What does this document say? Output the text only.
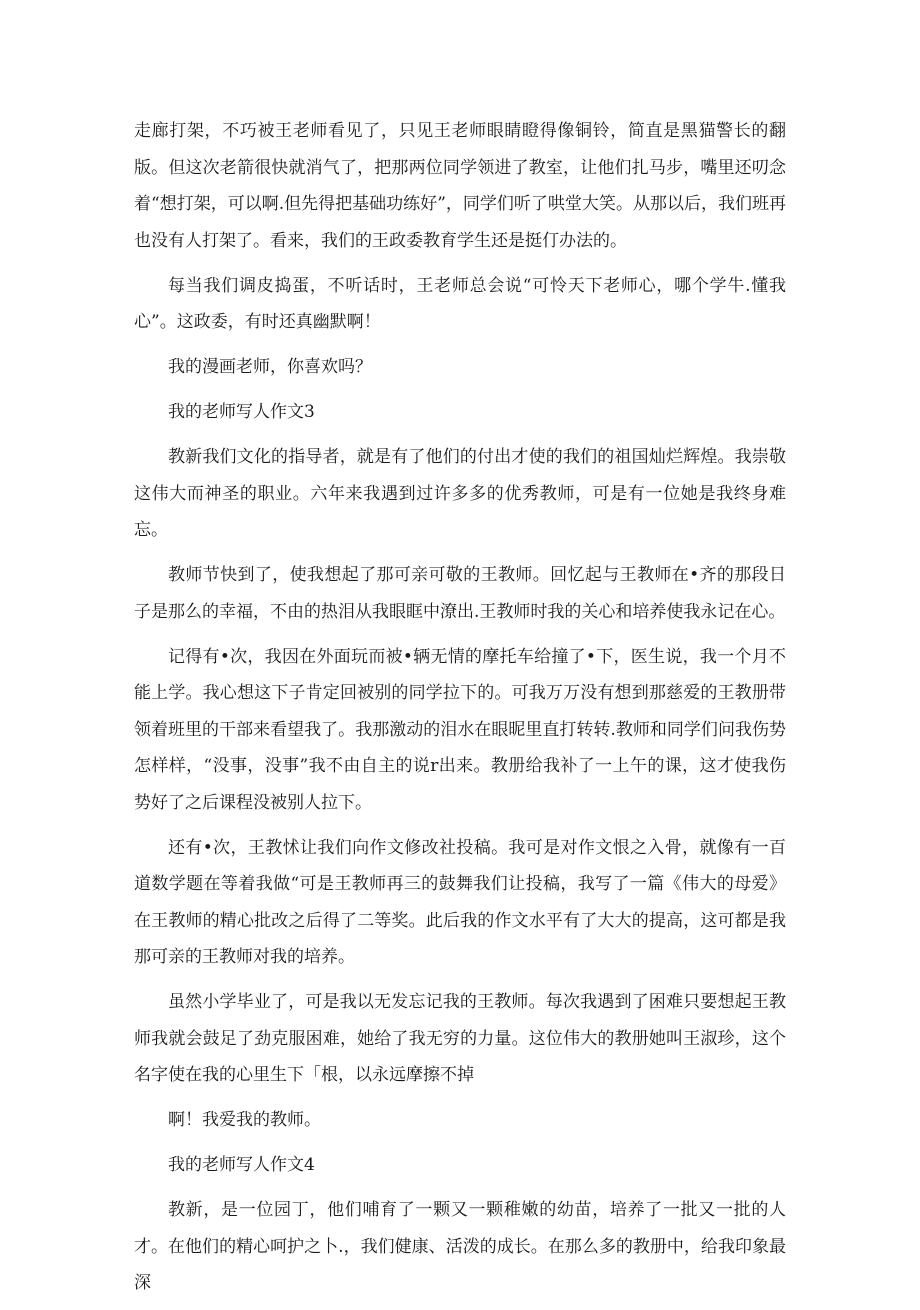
走廊打架，不巧被王老师看见了，只见王老师眼睛瞪得像铜铃，简直是黑猫警长的翻版。但这次老箭很快就消气了，把那两位同学领进了教室，让他们扎马步，嘴里还叨念着“想打架，可以啊.但先得把基础功练好”，同学们听了哄堂大笑。从那以后，我们班再也没有人打架了。看来，我们的王政委教育学生还是挺仃办法的。

每当我们调皮捣蛋，不听话时，王老师总会说“可怜天下老师心，哪个学牛.懂我心”。这政委，有时还真幽默啊！

我的漫画老师，你喜欢吗？

我的老师写人作文3

教新我们文化的指导者，就是有了他们的付出才使的我们的祖国灿烂辉煌。我崇敬这伟大而神圣的职业。六年来我遇到过许多多的优秀教师，可是有一位她是我终身难忘。

教师节快到了，使我想起了那可亲可敬的王教师。回忆起与王教师在•齐的那段日子是那么的幸福，不由的热泪从我眼眶中潦出.王教师时我的关心和培养使我永记在心。

记得有•次，我因在外面玩而被•辆无情的摩托车给撞了•下，医生说，我一个月不能上学。我心想这下子肯定回被别的同学拉下的。可我万万没有想到那慈爱的王教册带领着班里的干部来看望我了。我那激动的泪水在眼昵里直打转转.教师和同学们问我伤势怎样样，“没事，没事”我不由自主的说r出来。教册给我补了一上午的课，这才使我伤势好了之后课程没被别人拉下。

还有•次，王教怵让我们向作文修改社投稿。我可是对作文恨之入骨，就像有一百道数学题在等着我做“可是王教师再三的鼓舞我们让投稿，我写了一篇《伟大的母爱》在王教师的精心批改之后得了二等奖。此后我的作文水平有了大大的提高，这可都是我那可亲的王教师对我的培养。

虽然小学毕业了，可是我以无发忘记我的王教师。每次我遇到了困难只要想起王教师我就会鼓足了劲克服困难，她给了我无穷的力量。这位伟大的教册她叫王淑珍，这个名字使在我的心里生下「根，以永远摩擦不掉

啊！我爱我的教师。

我的老师写人作文4

教新，是一位园丁，他们哺育了一颗又一颗稚嫩的幼苗，培养了一批又一批的人才。在他们的精心呵护之卜.，我们健康、活泼的成长。在那么多的教册中，给我印象最深
